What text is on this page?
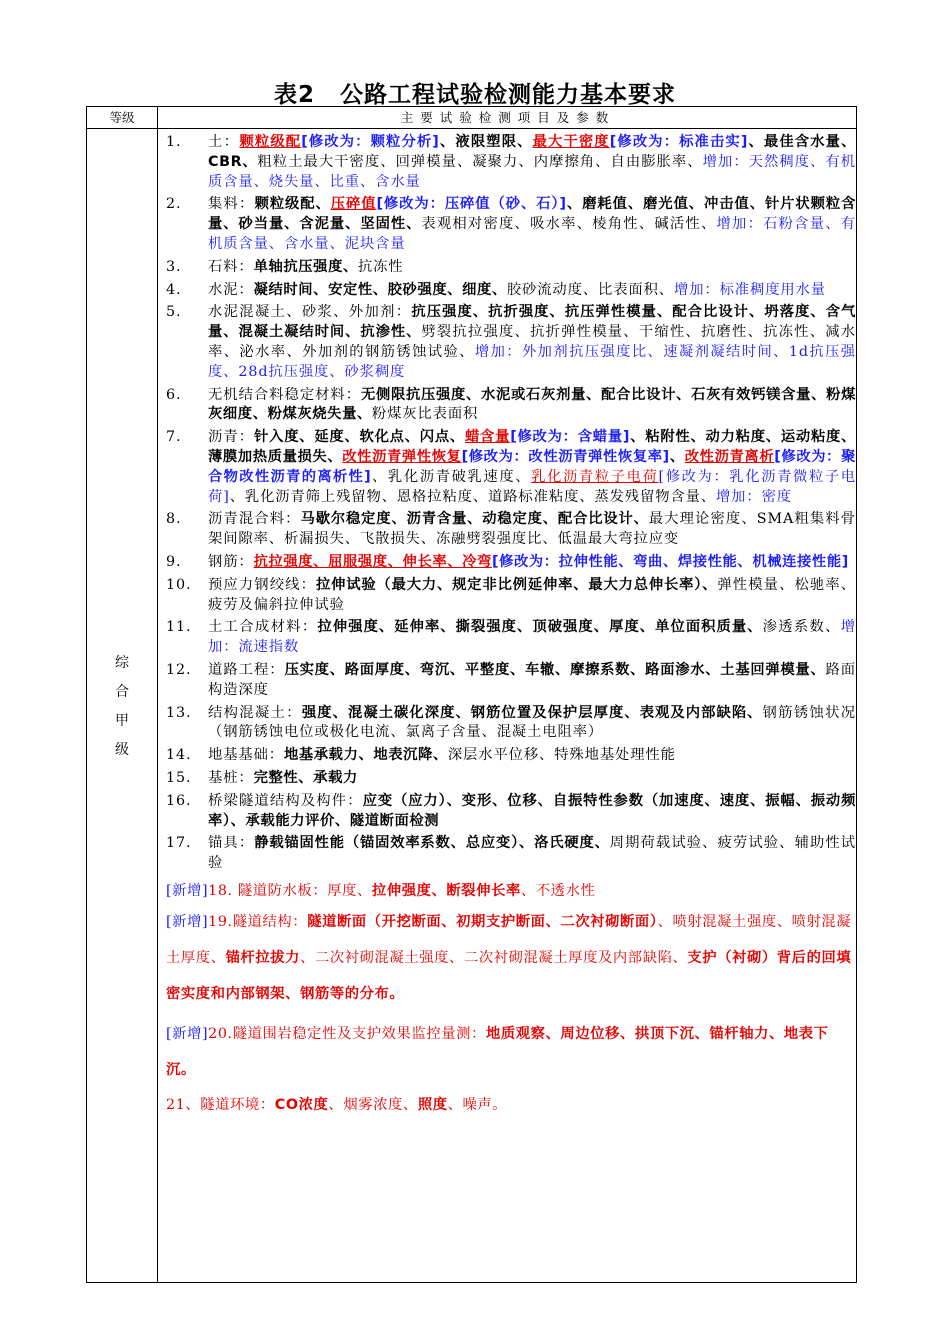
表2 公路工程试验检测能力基本要求
等级	主要试验检测项目及参数
综合甲级
1.	土：颗粒级配[修改为：颗粒分析]、液限塑限、最大干密度[修改为：标准击实]、最佳含水量、CBR、粗粒土最大干密度、回弹模量、凝聚力、内摩擦角、自由膨胀率、增加：天然稠度、有机质含量、烧失量、比重、含水量
2.	集料：颗粒级配、压碎值[修改为：压碎值（砂、石）]、磨耗值、磨光值、冲击值、针片状颗粒含量、砂当量、含泥量、坚固性、表观相对密度、吸水率、棱角性、碱活性、增加：石粉含量、有机质含量、含水量、泥块含量
3.	石料：单轴抗压强度、抗冻性
4.	水泥：凝结时间、安定性、胶砂强度、细度、胶砂流动度、比表面积、增加：标准稠度用水量
5.	水泥混凝土、砂浆、外加剂：抗压强度、抗折强度、抗压弹性模量、配合比设计、坍落度、含气量、混凝土凝结时间、抗渗性、劈裂抗拉强度、抗折弹性模量、干缩性、抗磨性、抗冻性、减水率、泌水率、外加剂的钢筋锈蚀试验、增加：外加剂抗压强度比、速凝剂凝结时间、1d抗压强度、28d抗压强度、砂浆稠度
6.	无机结合料稳定材料：无侧限抗压强度、水泥或石灰剂量、配合比设计、石灰有效钙镁含量、粉煤灰细度、粉煤灰烧失量、粉煤灰比表面积
7.	沥青：针入度、延度、软化点、闪点、蜡含量[修改为：含蜡量]、粘附性、动力粘度、运动粘度、薄膜加热质量损失、改性沥青弹性恢复[修改为：改性沥青弹性恢复率]、改性沥青离析[修改为：聚合物改性沥青的离析性]、乳化沥青破乳速度、乳化沥青粒子电荷[修改为：乳化沥青微粒子电荷]、乳化沥青筛上残留物、恩格拉粘度、道路标准粘度、蒸发残留物含量、增加：密度
8.	沥青混合料：马歇尔稳定度、沥青含量、动稳定度、配合比设计、最大理论密度、SMA粗集料骨架间隙率、析漏损失、飞散损失、冻融劈裂强度比、低温最大弯拉应变
9.	钢筋：抗拉强度、屈服强度、伸长率、冷弯[修改为：拉伸性能、弯曲、焊接性能、机械连接性能]
10.	预应力钢绞线：拉伸试验（最大力、规定非比例延伸率、最大力总伸长率）、弹性模量、松驰率、疲劳及偏斜拉伸试验
11.	土工合成材料：拉伸强度、延伸率、撕裂强度、顶破强度、厚度、单位面积质量、渗透系数、增加：流速指数
12.	道路工程：压实度、路面厚度、弯沉、平整度、车辙、摩擦系数、路面渗水、土基回弹模量、路面构造深度
13.	结构混凝土：强度、混凝土碳化深度、钢筋位置及保护层厚度、表观及内部缺陷、钢筋锈蚀状况（钢筋锈蚀电位或极化电流、氯离子含量、混凝土电阻率）
14.	地基基础：地基承载力、地表沉降、深层水平位移、特殊地基处理性能
15.	基桩：完整性、承载力
16.	桥梁隧道结构及构件：应变（应力）、变形、位移、自振特性参数（加速度、速度、振幅、振动频率）、承载能力评价、隧道断面检测
17.	锚具：静载锚固性能（锚固效率系数、总应变）、洛氏硬度、周期荷载试验、疲劳试验、辅助性试验
[新增]18. 隧道防水板：厚度、拉伸强度、断裂伸长率、不透水性
[新增]19.隧道结构：隧道断面（开挖断面、初期支护断面、二次衬砌断面）、喷射混凝土强度、喷射混凝土厚度、锚杆拉拔力、二次衬砌混凝土强度、二次衬砌混凝土厚度及内部缺陷、支护（衬砌）背后的回填密实度和内部钢架、钢筋等的分布。
[新增]20.隧道围岩稳定性及支护效果监控量测：地质观察、周边位移、拱顶下沉、锚杆轴力、地表下沉。
21、隧道环境：CO浓度、烟雾浓度、照度、噪声。
